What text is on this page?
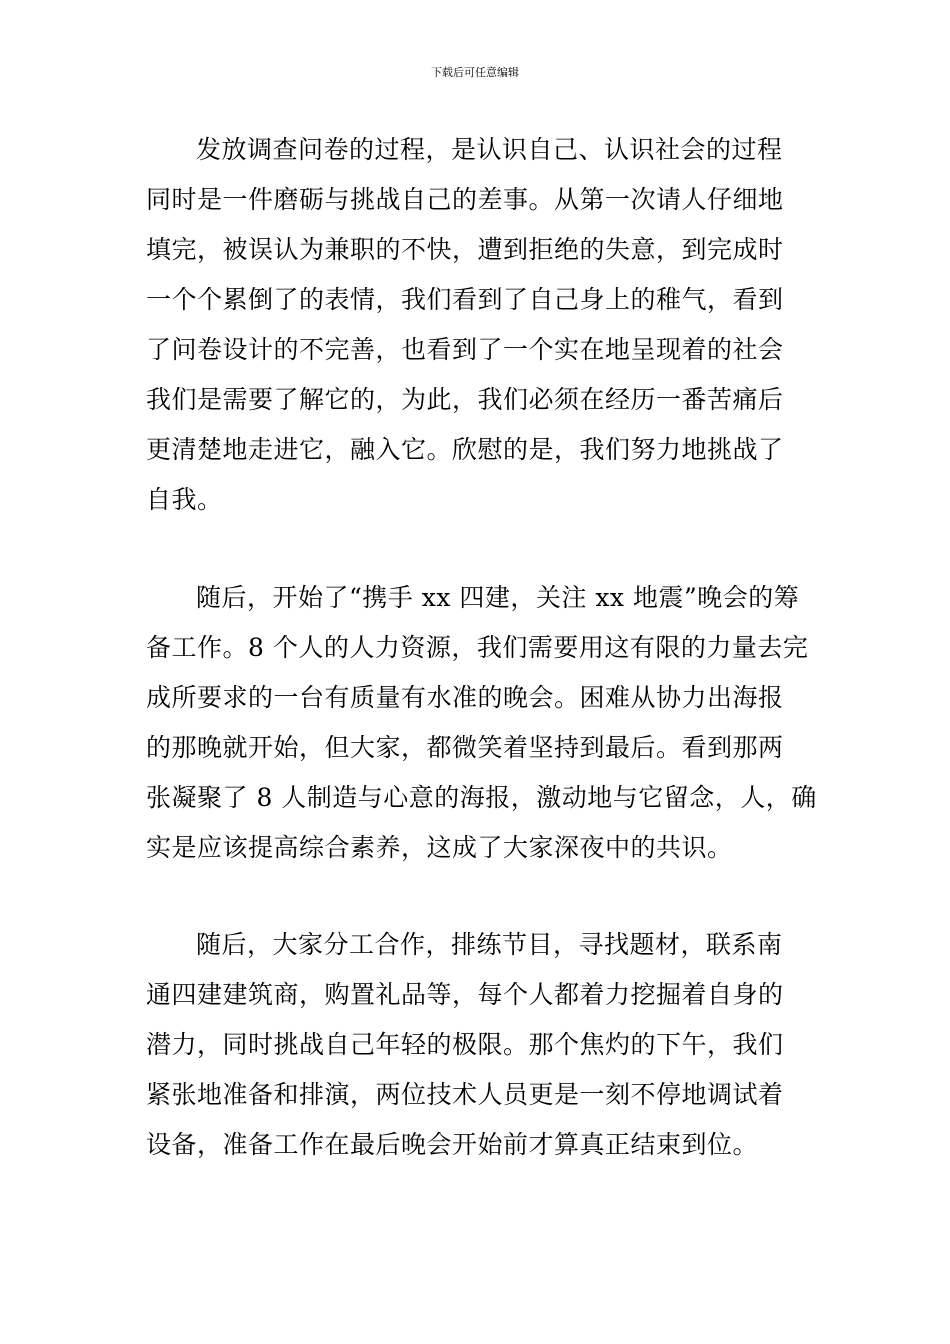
下载后可任意编辑
发放调查问卷的过程，是认识自己、认识社会的过程
同时是一件磨砺与挑战自己的差事。从第一次请人仔细地
填完，被误认为兼职的不快，遭到拒绝的失意，到完成时
一个个累倒了的表情，我们看到了自己身上的稚气，看到
了问卷设计的不完善，也看到了一个实在地呈现着的社会
我们是需要了解它的，为此，我们必须在经历一番苦痛后
更清楚地走进它，融入它。欣慰的是，我们努力地挑战了
自我。
随后，开始了“携手 xx 四建，关注 xx 地震”晚会的筹
备工作。8 个人的人力资源，我们需要用这有限的力量去完
成所要求的一台有质量有水准的晚会。困难从协力出海报
的那晚就开始，但大家，都微笑着坚持到最后。看到那两
张凝聚了 8 人制造与心意的海报，激动地与它留念，人，确
实是应该提高综合素养，这成了大家深夜中的共识。
随后，大家分工合作，排练节目，寻找题材，联系南
通四建建筑商，购置礼品等，每个人都着力挖掘着自身的
潜力，同时挑战自己年轻的极限。那个焦灼的下午，我们
紧张地准备和排演，两位技术人员更是一刻不停地调试着
设备，准备工作在最后晚会开始前才算真正结束到位。
